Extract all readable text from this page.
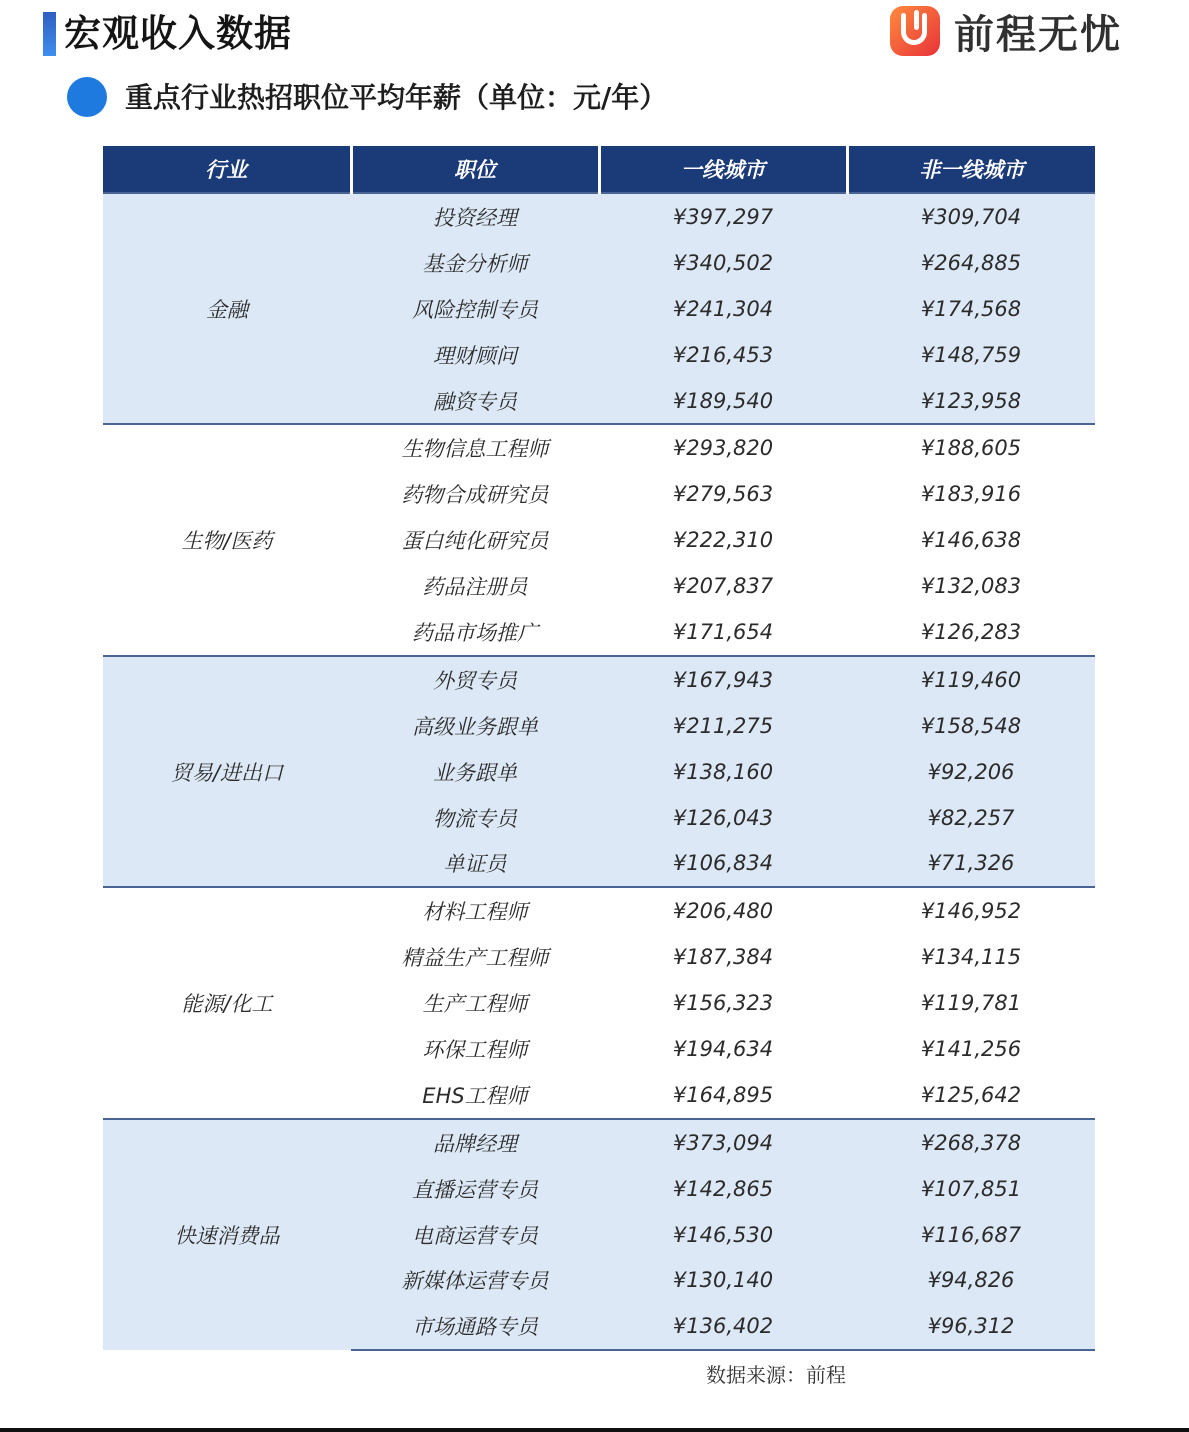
宏观收入数据	前程无忧
重点行业热招职位平均年薪（单位：元/年）
行业	职位	一线城市	非一线城市
金融	投资经理	¥397,297	¥309,704
	基金分析师	¥340,502	¥264,885
	风险控制专员	¥241,304	¥174,568
	理财顾问	¥216,453	¥148,759
	融资专员	¥189,540	¥123,958
生物/医药	生物信息工程师	¥293,820	¥188,605
	药物合成研究员	¥279,563	¥183,916
	蛋白纯化研究员	¥222,310	¥146,638
	药品注册员	¥207,837	¥132,083
	药品市场推广	¥171,654	¥126,283
贸易/进出口	外贸专员	¥167,943	¥119,460
	高级业务跟单	¥211,275	¥158,548
	业务跟单	¥138,160	¥92,206
	物流专员	¥126,043	¥82,257
	单证员	¥106,834	¥71,326
能源/化工	材料工程师	¥206,480	¥146,952
	精益生产工程师	¥187,384	¥134,115
	生产工程师	¥156,323	¥119,781
	环保工程师	¥194,634	¥141,256
	EHS工程师	¥164,895	¥125,642
快速消费品	品牌经理	¥373,094	¥268,378
	直播运营专员	¥142,865	¥107,851
	电商运营专员	¥146,530	¥116,687
	新媒体运营专员	¥130,140	¥94,826
	市场通路专员	¥136,402	¥96,312
数据来源：前程
